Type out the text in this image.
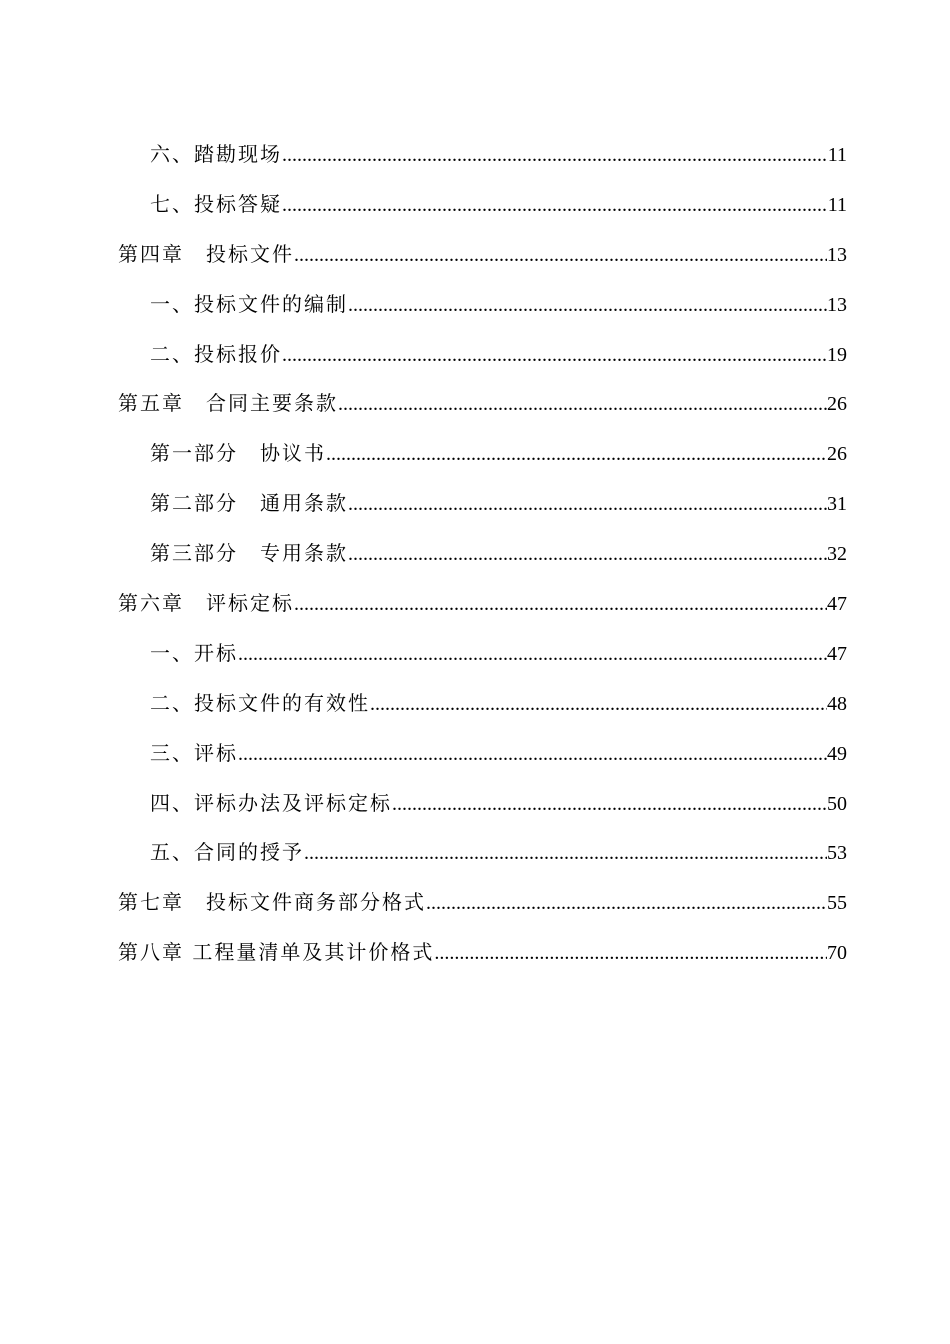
六、踏勘现场 .....	11
七、投标答疑 .....	11
第四章　投标文件 .....	13
一、投标文件的编制 .....	13
二、投标报价 .....	19
第五章　合同主要条款 .....	26
第一部分　协议书 .....	26
第二部分　通用条款 .....	31
第三部分　专用条款 .....	32
第六章　评标定标 .....	47
一、开标 .....	47
二、投标文件的有效性 .....	48
三、评标 .....	49
四、评标办法及评标定标 .....	50
五、合同的授予 .....	53
第七章　投标文件商务部分格式 .....	55
第八章 工程量清单及其计价格式 .....	70
